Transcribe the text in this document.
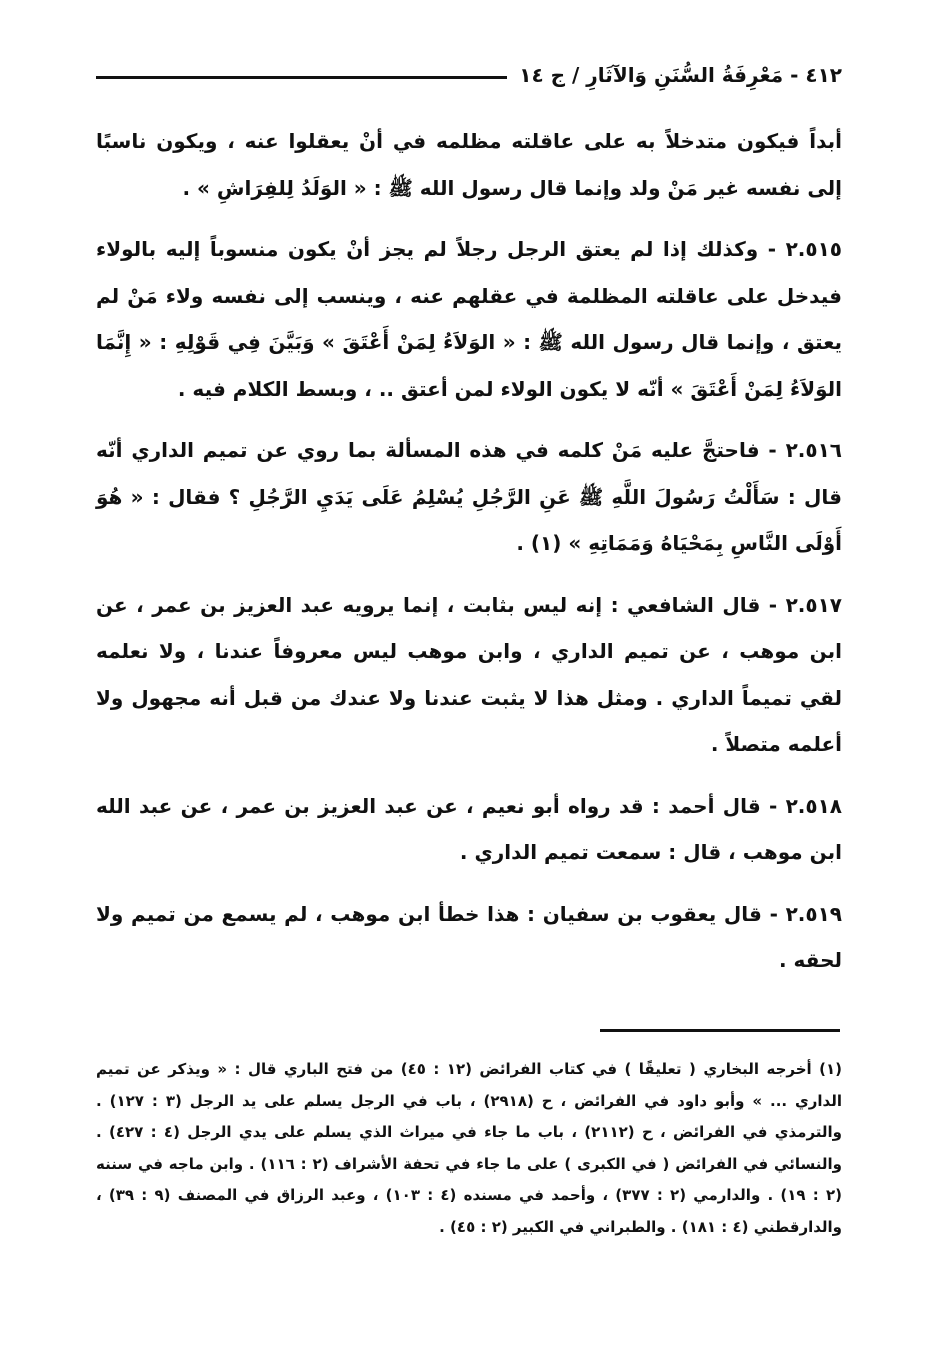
٤١٢ - مَعْرِفَةُ السُّنَنِ وَالآثَارِ / ج ١٤

أبداً فيكون متدخلاً به على عاقلته مظلمه في أنْ يعقلوا عنه ، ويكون ناسبًا إلى نفسه غير مَنْ ولد وإنما قال رسول الله ﷺ : « الوَلَدُ لِلفِرَاشِ » .

٢.٥١٥ - وكذلك إذا لم يعتق الرجل رجلاً لم يجز أنْ يكون منسوباً إليه بالولاء فيدخل على عاقلته المظلمة في عقلهم عنه ، وينسب إلى نفسه ولاء مَنْ لم يعتق ، وإنما قال رسول الله ﷺ : « الوَلاَءُ لِمَنْ أَعْتَقَ » وَبَيَّنَ فِي قَوْلِهِ : « إِنَّمَا الوَلاَءُ لِمَنْ أَعْتَقَ » أنّه لا يكون الولاء لمن أعتق .. ، وبسط الكلام فيه .

٢.٥١٦ - فاحتجَّ عليه مَنْ كلمه في هذه المسألة بما روي عن تميم الداري أنّه قال : سَأَلْتُ رَسُولَ اللَّهِ ﷺ عَنِ الرَّجُلِ يُسْلِمُ عَلَى يَدَيِ الرَّجُلِ ؟ فقال : « هُوَ أَوْلَى النَّاسِ بِمَحْيَاهُ وَمَمَاتِهِ » (١) .

٢.٥١٧ - قال الشافعي : إنه ليس بثابت ، إنما يرويه عبد العزيز بن عمر ، عن ابن موهب ، عن تميم الداري ، وابن موهب ليس معروفاً عندنا ، ولا نعلمه لقي تميماً الداري . ومثل هذا لا يثبت عندنا ولا عندك من قبل أنه مجهول ولا أعلمه متصلاً .

٢.٥١٨ - قال أحمد : قد رواه أبو نعيم ، عن عبد العزيز بن عمر ، عن عبد الله ابن موهب ، قال : سمعت تميم الداري .

٢.٥١٩ - قال يعقوب بن سفيان : هذا خطأ ابن موهب ، لم يسمع من تميم ولا لحقه .

(١) أخرجه البخاري ( تعليقًا ) في كتاب الفرائض (١٢ : ٤٥) من فتح الباري قال : « ويذكر عن تميم الداري ... » وأبو داود في الفرائض ، ح (٢٩١٨) ، باب في الرجل يسلم على يد الرجل (٣ : ١٢٧) . والترمذي في الفرائض ، ح (٢١١٢) ، باب ما جاء في ميراث الذي يسلم على يدي الرجل (٤ : ٤٢٧) . والنسائي في الفرائض ( في الكبرى ) على ما جاء في تحفة الأشراف (٢ : ١١٦) . وابن ماجه في سننه (٢ : ١٩) . والدارمي (٢ : ٣٧٧) ، وأحمد في مسنده (٤ : ١٠٣) ، وعبد الرزاق في المصنف (٩ : ٣٩) ، والدارقطني (٤ : ١٨١) . والطبراني في الكبير (٢ : ٤٥) .
